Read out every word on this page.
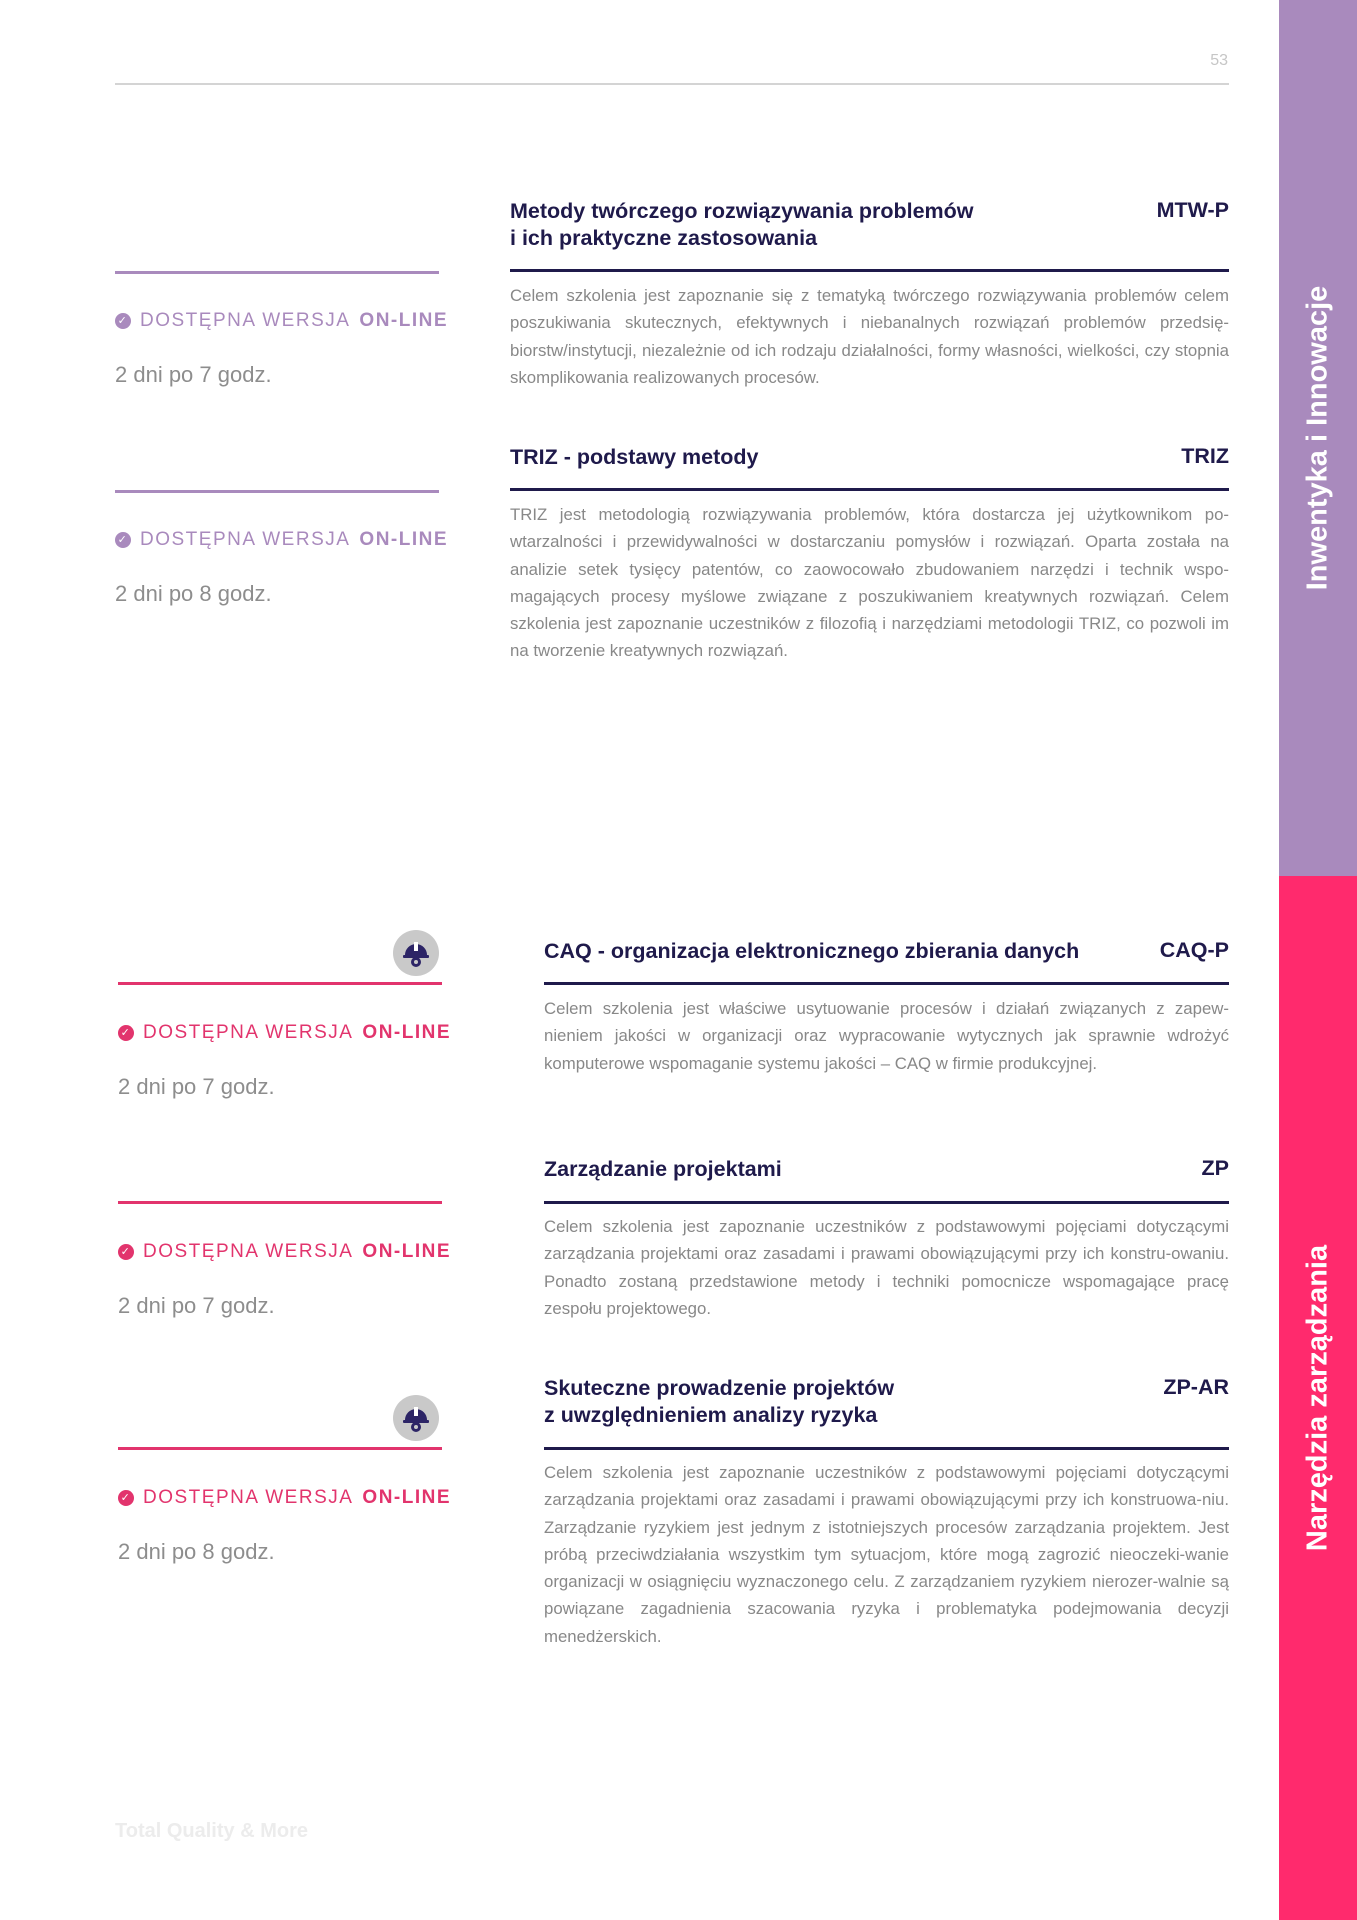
53
Inwentyka i Innowacje
Narzędzia zarządzania
Metody twórczego rozwiązywania problemów
i ich praktyczne zastosowania
MTW-P
Celem szkolenia jest zapoznanie się z tematyką twórczego rozwiązywania problemów celem poszukiwania skutecznych, efektywnych i niebanalnych rozwiązań problemów przedsię-biorstw/instytucji, niezależnie od ich rodzaju działalności, formy własności, wielkości, czy stopnia skomplikowania realizowanych procesów.
✓ DOSTĘPNA WERSJA ON-LINE
2 dni po 7 godz.
TRIZ - podstawy metody	TRIZ
TRIZ jest metodologią rozwiązywania problemów, która dostarcza jej użytkownikom po-wtarzalności i przewidywalności w dostarczaniu pomysłów i rozwiązań. Oparta została na analizie setek tysięcy patentów, co zaowocowało zbudowaniem narzędzi i technik wspo-magających procesy myślowe związane z poszukiwaniem kreatywnych rozwiązań. Celem szkolenia jest zapoznanie uczestników z filozofią i narzędziami metodologii TRIZ, co pozwoli im na tworzenie kreatywnych rozwiązań.
✓ DOSTĘPNA WERSJA ON-LINE
2 dni po 8 godz.
CAQ - organizacja elektronicznego zbierania danych	CAQ-P
Celem szkolenia jest właściwe usytuowanie procesów i działań związanych z zapew-nieniem jakości w organizacji oraz wypracowanie wytycznych jak sprawnie wdrożyć komputerowe wspomaganie systemu jakości – CAQ w firmie produkcyjnej.
✓ DOSTĘPNA WERSJA ON-LINE
2 dni po 7 godz.
Zarządzanie projektami	ZP
Celem szkolenia jest zapoznanie uczestników z podstawowymi pojęciami dotyczącymi zarządzania projektami oraz zasadami i prawami obowiązującymi przy ich konstru-owaniu. Ponadto zostaną przedstawione metody i techniki pomocnicze wspomagające pracę zespołu projektowego.
✓ DOSTĘPNA WERSJA ON-LINE
2 dni po 7 godz.
Skuteczne prowadzenie projektów
z uwzględnieniem analizy ryzyka
ZP-AR
Celem szkolenia jest zapoznanie uczestników z podstawowymi pojęciami dotyczącymi zarządzania projektami oraz zasadami i prawami obowiązującymi przy ich konstruowa-niu. Zarządzanie ryzykiem jest jednym z istotniejszych procesów zarządzania projektem. Jest próbą przeciwdziałania wszystkim tym sytuacjom, które mogą zagrozić nieoczeki-wanie organizacji w osiągnięciu wyznaczonego celu. Z zarządzaniem ryzykiem nierozer-walnie są powiązane zagadnienia szacowania ryzyka i problematyka podejmowania decyzji menedżerskich.
✓ DOSTĘPNA WERSJA ON-LINE
2 dni po 8 godz.
Total Quality & More
